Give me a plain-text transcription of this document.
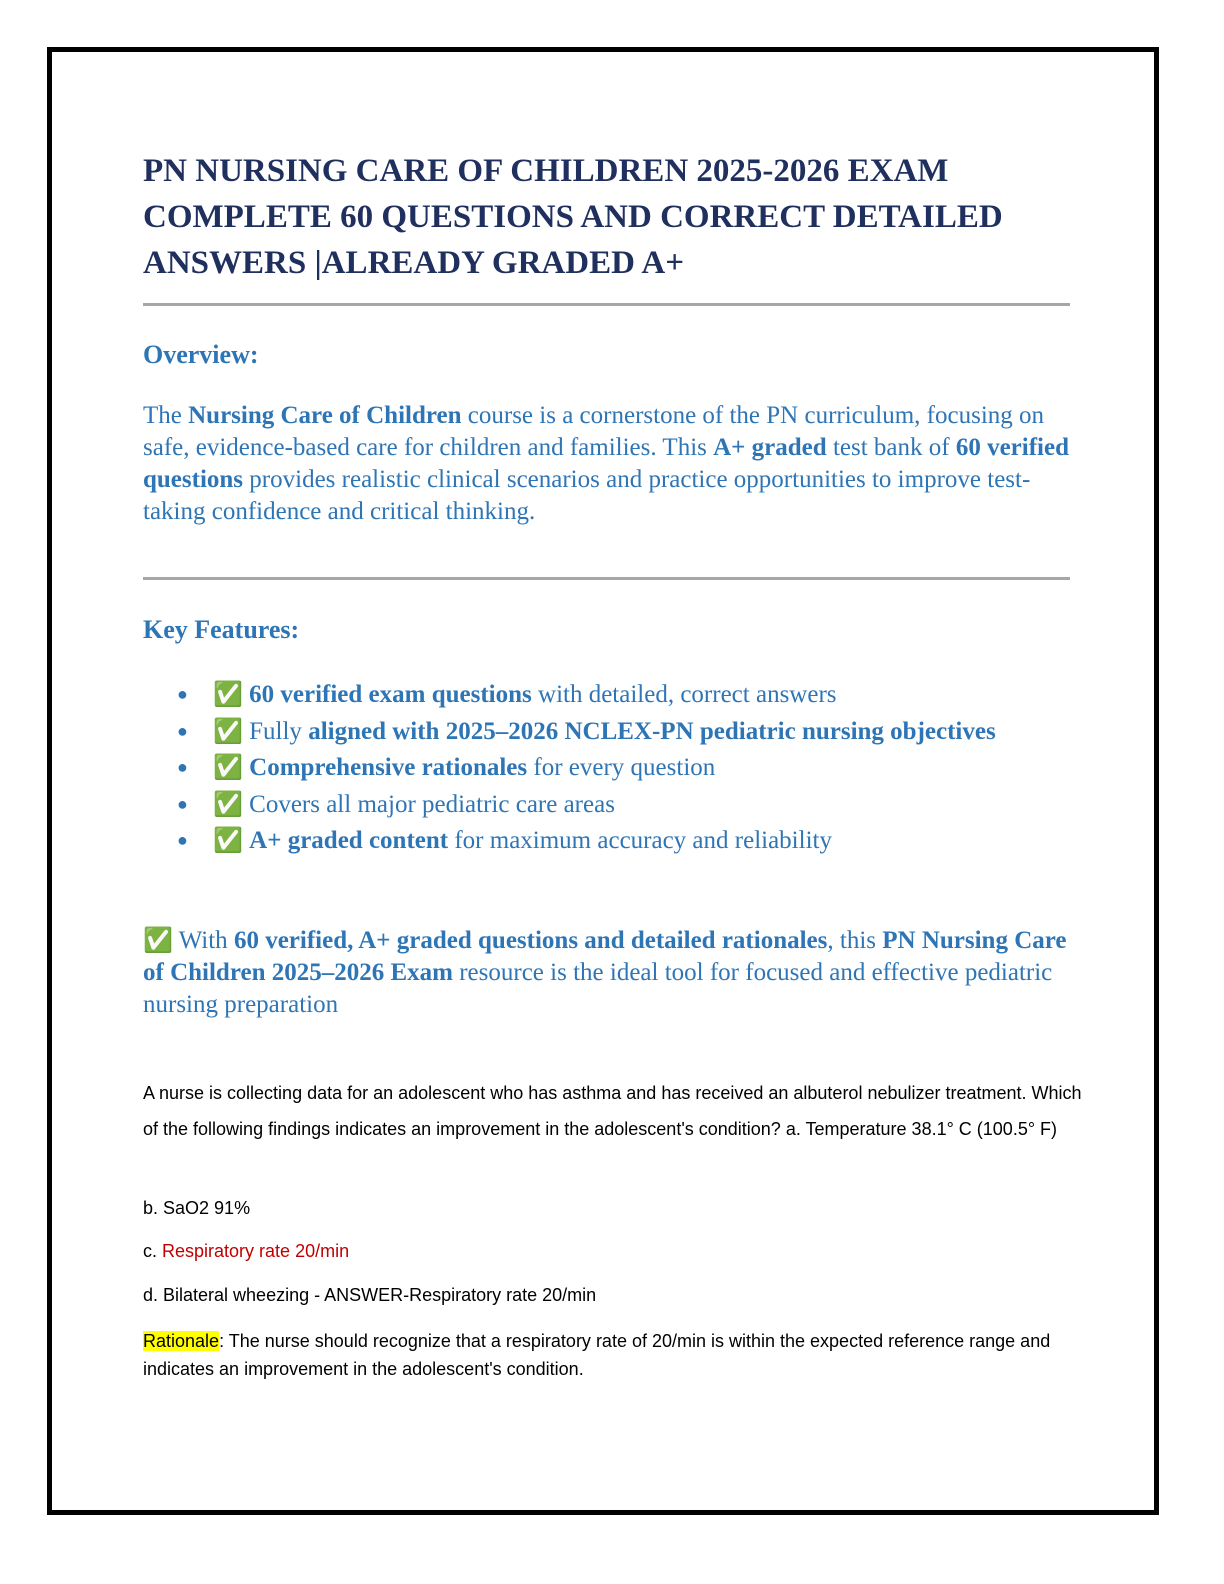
PN NURSING CARE OF CHILDREN 2025-2026 EXAM COMPLETE 60 QUESTIONS AND CORRECT DETAILED ANSWERS |ALREADY GRADED A+
Overview:

The Nursing Care of Children course is a cornerstone of the PN curriculum, focusing on safe, evidence-based care for children and families. This A+ graded test bank of 60 verified questions provides realistic clinical scenarios and practice opportunities to improve test-taking confidence and critical thinking.

Key Features:
● ✅ 60 verified exam questions with detailed, correct answers
● ✅ Fully aligned with 2025–2026 NCLEX-PN pediatric nursing objectives
● ✅ Comprehensive rationales for every question
● ✅ Covers all major pediatric care areas
● ✅ A+ graded content for maximum accuracy and reliability

✅ With 60 verified, A+ graded questions and detailed rationales, this PN Nursing Care of Children 2025–2026 Exam resource is the ideal tool for focused and effective pediatric nursing preparation

A nurse is collecting data for an adolescent who has asthma and has received an albuterol nebulizer treatment. Which of the following findings indicates an improvement in the adolescent's condition? a. Temperature 38.1° C (100.5° F)

b. SaO2 91%

c. Respiratory rate 20/min

d. Bilateral wheezing - ANSWER-Respiratory rate 20/min

Rationale: The nurse should recognize that a respiratory rate of 20/min is within the expected reference range and indicates an improvement in the adolescent's condition.
